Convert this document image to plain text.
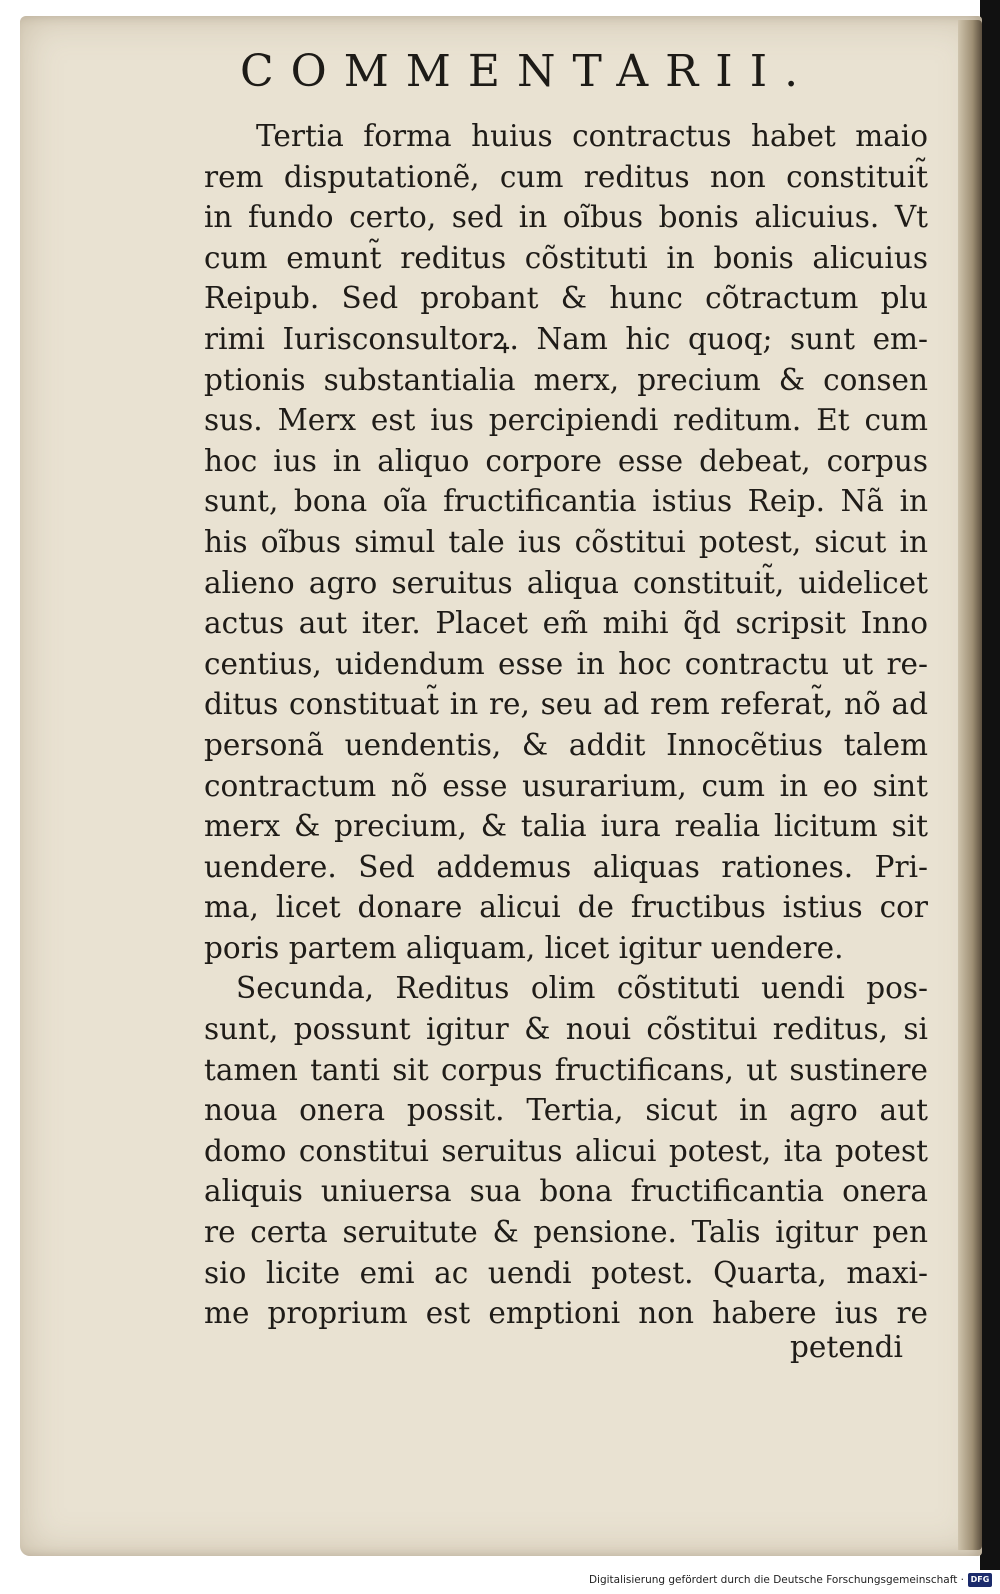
COMMENTARII.
Tertia forma huius contractus habet maio
rem disputationẽ, cum reditus non constituit̃
in fundo certo, sed in oĩbus bonis alicuius. Vt
cum emunt̃ reditus cõstituti in bonis alicuius
Reipub. Sed probant & hunc cõtractum plu
rimi Iurisconsultorꝝ. Nam hic quoq; sunt em-
ptionis substantialia merx, precium & consen
sus. Merx est ius percipiendi reditum. Et cum
hoc ius in aliquo corpore esse debeat, corpus
sunt, bona oĩa fructificantia istius Reip. Nã in
his oĩbus simul tale ius cõstitui potest, sicut in
alieno agro seruitus aliqua constituit̃, uidelicet
actus aut iter. Placet em̃ mihi q̃d scripsit Inno
centius, uidendum esse in hoc contractu ut re-
ditus constituat̃ in re, seu ad rem referat̃, nõ ad
personã uendentis, & addit Innocẽtius talem
contractum nõ esse usurarium, cum in eo sint
merx & precium, & talia iura realia licitum sit
uendere. Sed addemus aliquas rationes. Pri-
ma, licet donare alicui de fructibus istius cor
poris partem aliquam, licet igitur uendere.
Secunda, Reditus olim cõstituti uendi pos-
sunt, possunt igitur & noui cõstitui reditus, si
tamen tanti sit corpus fructificans, ut sustinere
noua onera possit. Tertia, sicut in agro aut
domo constitui seruitus alicui potest, ita potest
aliquis uniuersa sua bona fructificantia onera
re certa seruitute & pensione. Talis igitur pen
sio licite emi ac uendi potest. Quarta, maxi-
me proprium est emptioni non habere ius re
petendi
Digitalisierung gefördert durch die Deutsche Forschungsgemeinschaft · DFG
